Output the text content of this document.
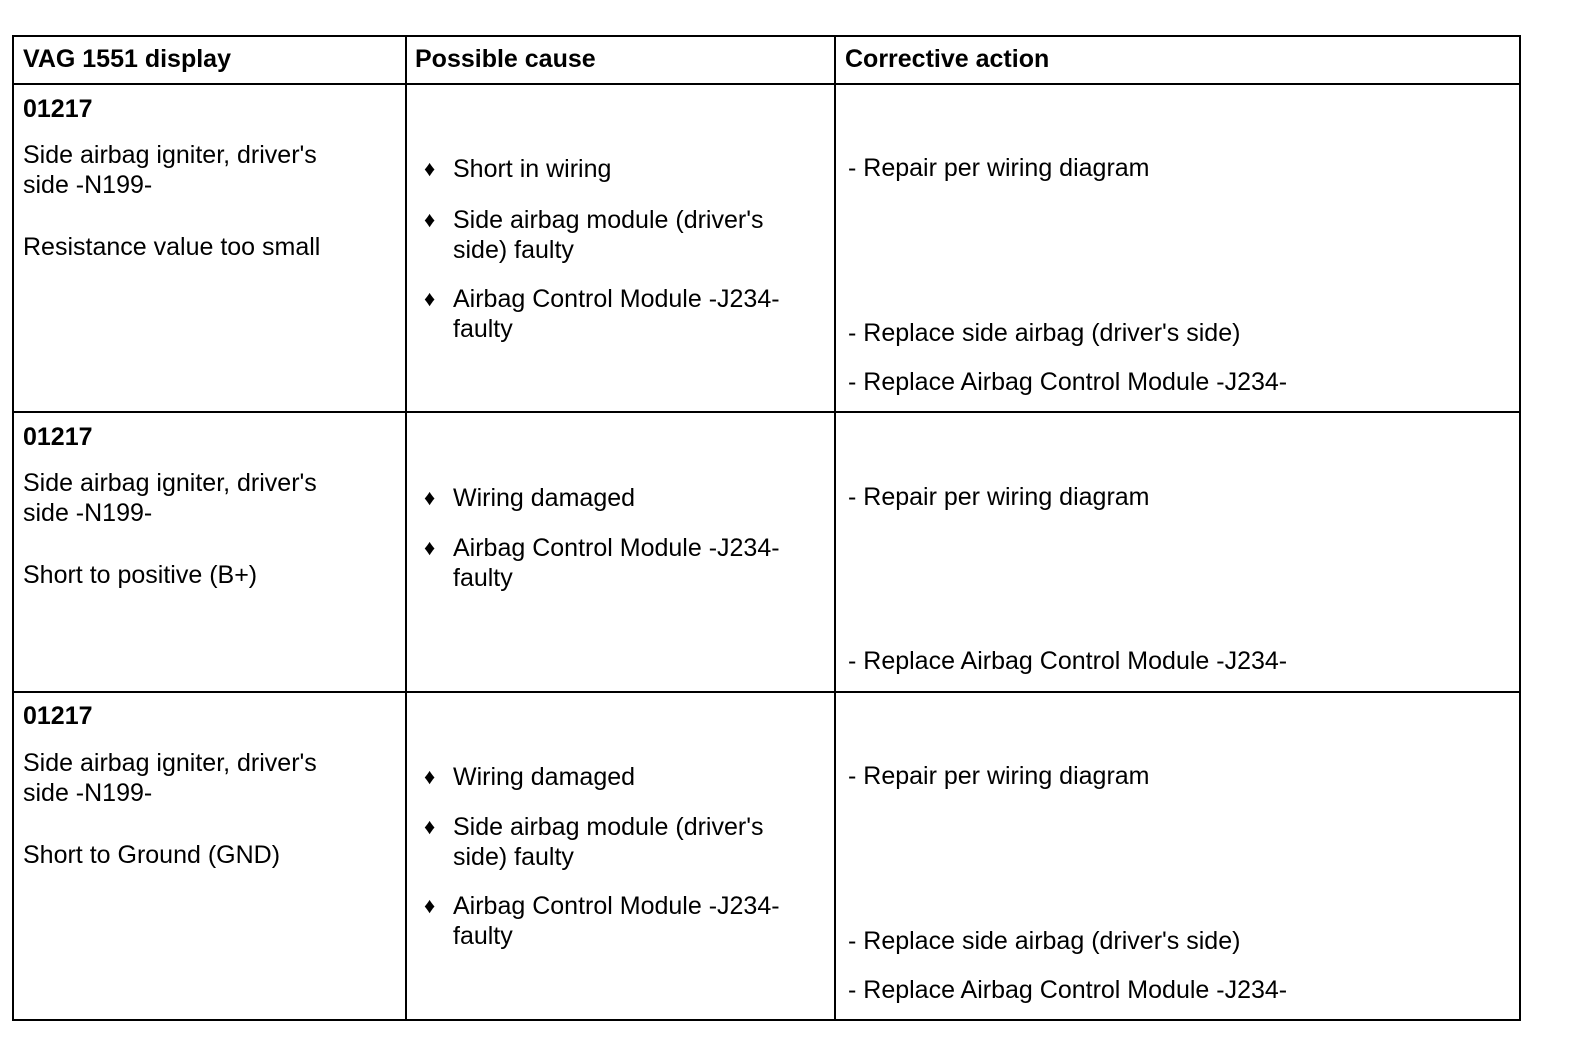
VAG 1551 display	Possible cause	Corrective action
01217
Side airbag igniter, driver's
side -N199-
Resistance value too small
♦ Short in wiring
♦ Side airbag module (driver's
side) faulty
♦ Airbag Control Module -J234-
faulty
- Repair per wiring diagram
- Replace side airbag (driver's side)
- Replace Airbag Control Module -J234-
01217
Side airbag igniter, driver's
side -N199-
Short to positive (B+)
♦ Wiring damaged
♦ Airbag Control Module -J234-
faulty
- Repair per wiring diagram
- Replace Airbag Control Module -J234-
01217
Side airbag igniter, driver's
side -N199-
Short to Ground (GND)
♦ Wiring damaged
♦ Side airbag module (driver's
side) faulty
♦ Airbag Control Module -J234-
faulty
- Repair per wiring diagram
- Replace side airbag (driver's side)
- Replace Airbag Control Module -J234-
